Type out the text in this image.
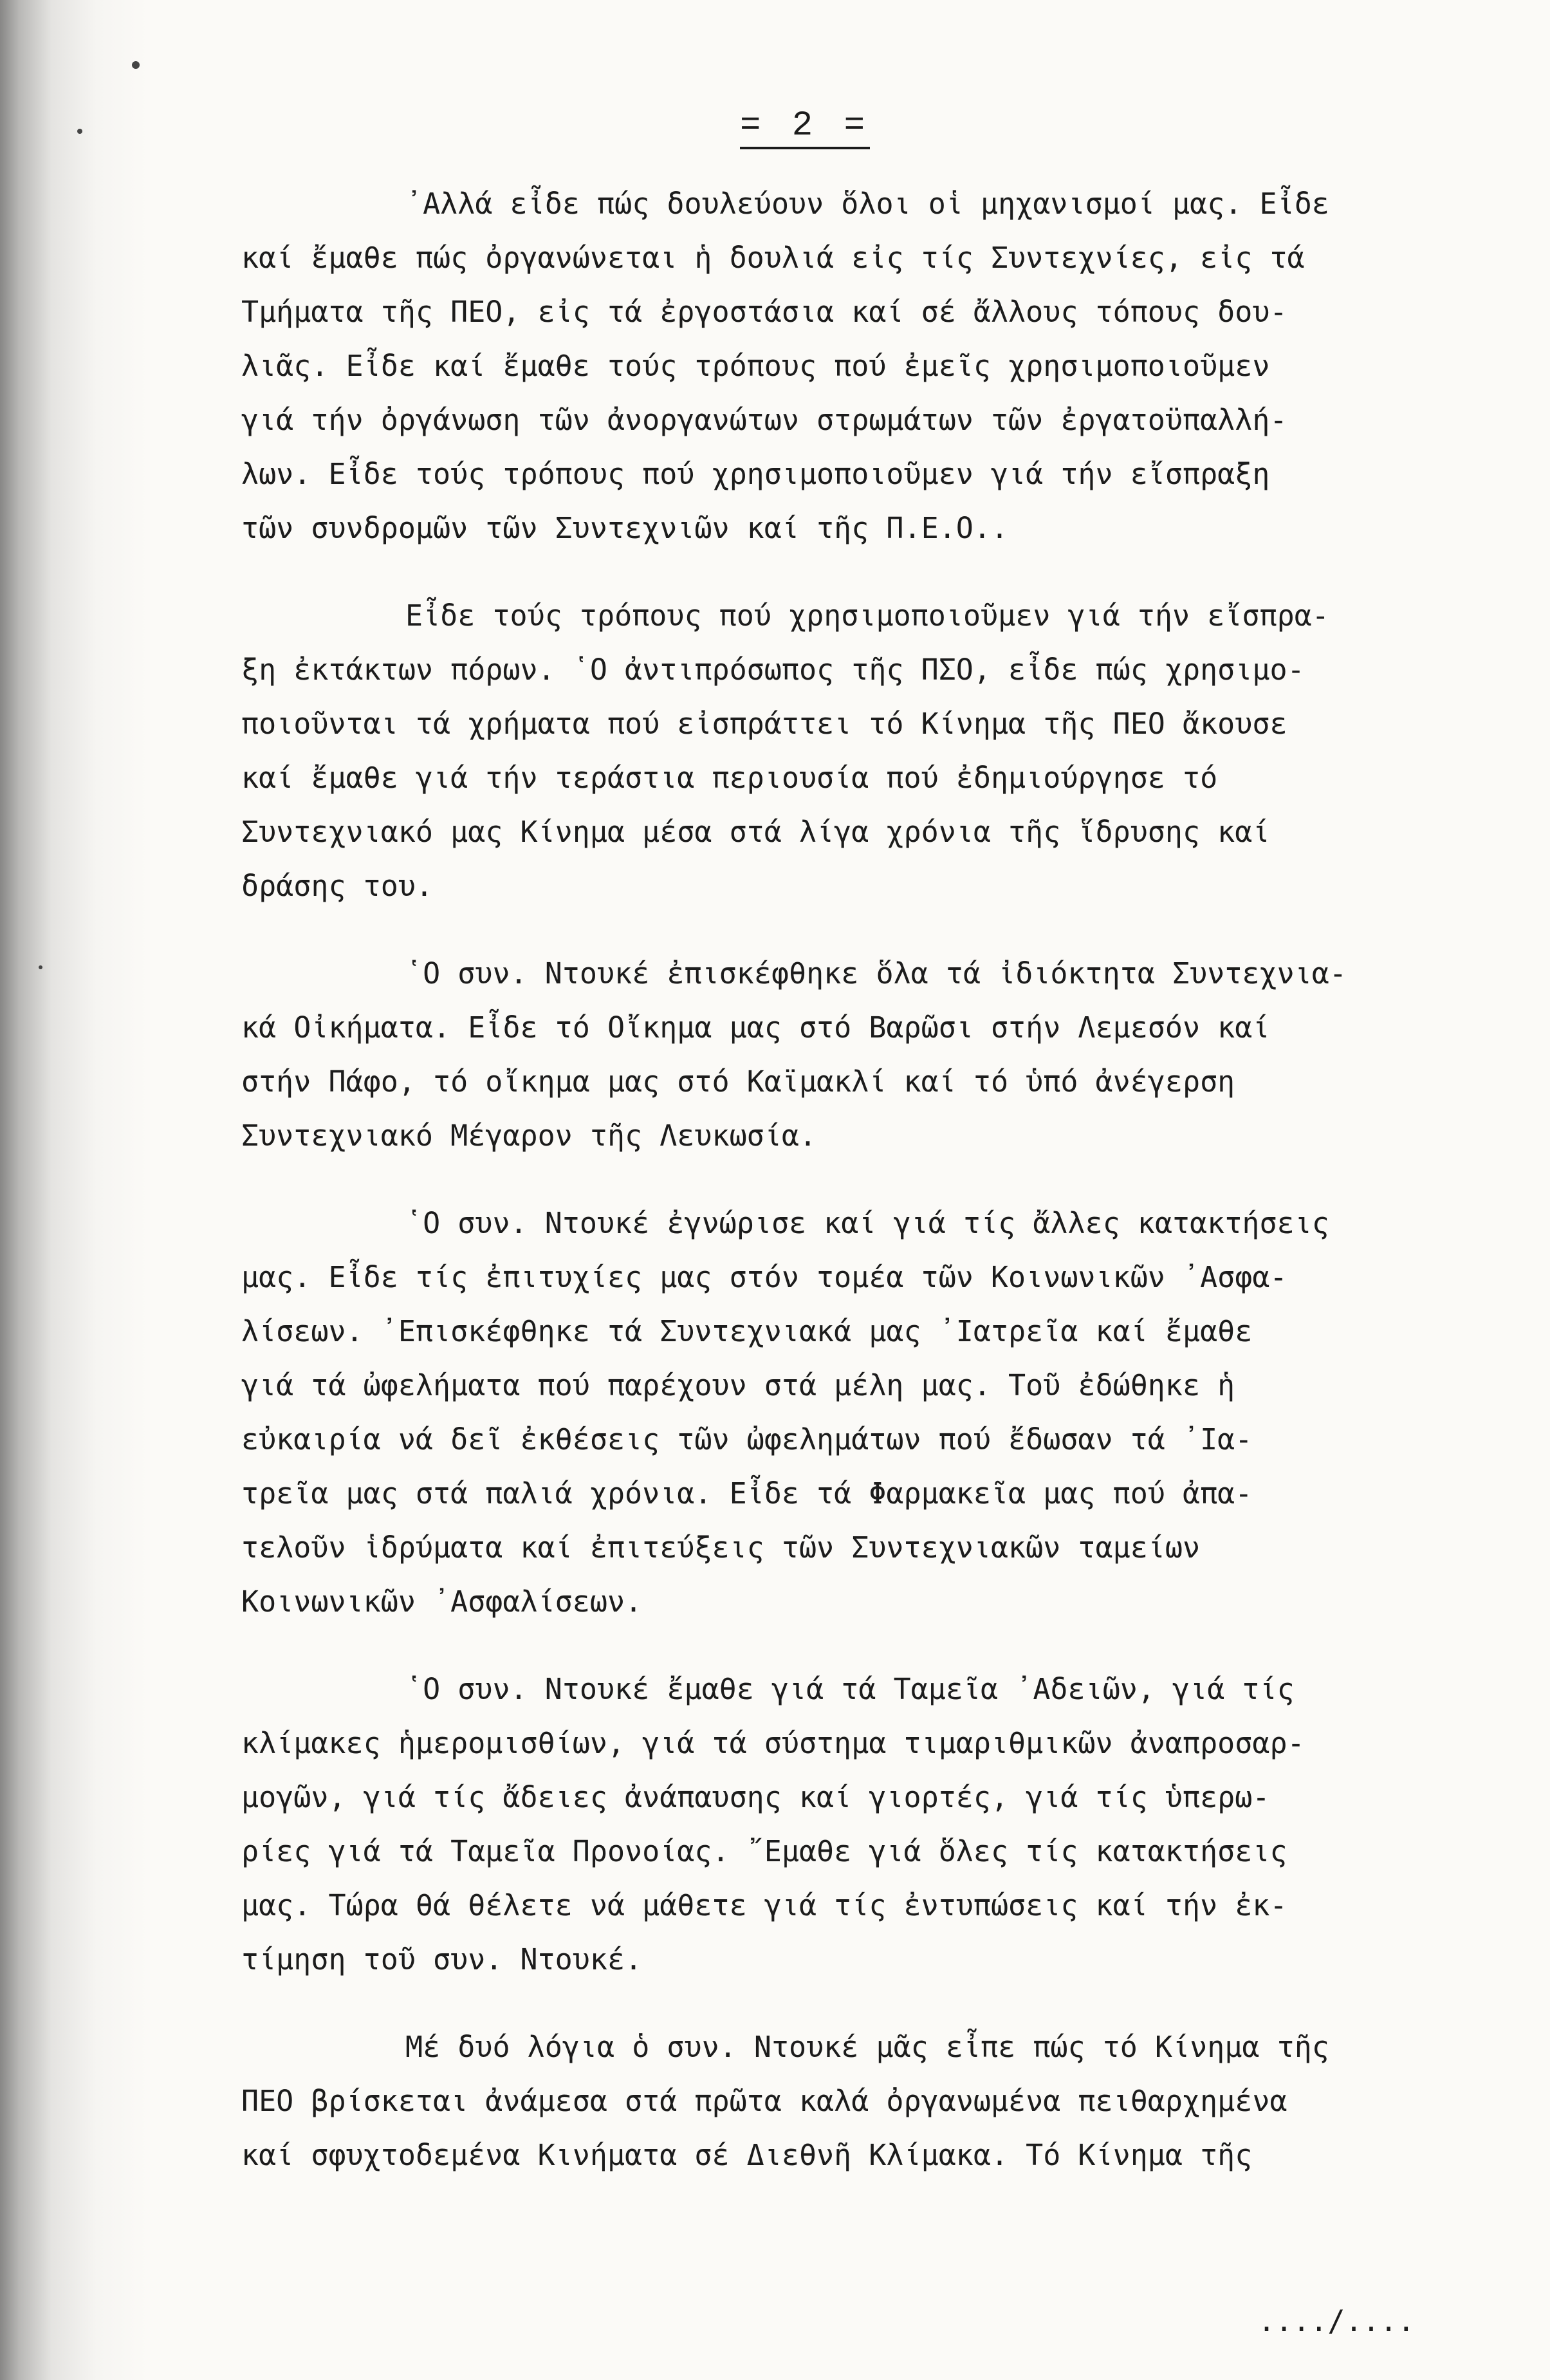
= 2 =
᾽Αλλά εἶδε πώς δουλεύουν ὅλοι οἱ μηχανισμοί μας. Εἶδε
καί ἔμαθε πώς ὀργανώνεται ἡ δουλιά εἰς τίς Συντεχνίες, εἰς τά
Τμήματα τῆς ΠΕΟ, εἰς τά ἐργοστάσια καί σέ ἄλλους τόπους δου-
λιᾶς. Εἶδε καί ἔμαθε τούς τρόπους πού ἐμεῖς χρησιμοποιοῦμεν
γιά τήν ὀργάνωση τῶν ἀνοργανώτων στρωμάτων τῶν ἐργατοϋπαλλή-
λων. Εἶδε τούς τρόπους πού χρησιμοποιοῦμεν γιά τήν εἴσπραξη
τῶν συνδρομῶν τῶν Συντεχνιῶν καί τῆς Π.Ε.Ο..
Εἶδε τούς τρόπους πού χρησιμοποιοῦμεν γιά τήν εἴσπρα-
ξη ἐκτάκτων πόρων. ῾Ο ἀντιπρόσωπος τῆς ΠΣΟ, εἶδε πώς χρησιμο-
ποιοῦνται τά χρήματα πού εἰσπράττει τό Κίνημα τῆς ΠΕΟ ἄκουσε
καί ἔμαθε γιά τήν τεράστια περιουσία πού ἐδημιούργησε τό
Συντεχνιακό μας Κίνημα μέσα στά λίγα χρόνια τῆς ἵδρυσης καί
δράσης του.
῾Ο συν. Ντουκέ ἐπισκέφθηκε ὅλα τά ἰδιόκτητα Συντεχνια-
κά Οἰκήματα. Εἶδε τό Οἴκημα μας στό Βαρῶσι στήν Λεμεσόν καί
στήν Πάφο, τό οἴκημα μας στό Καϊμακλί καί τό ὑπό ἀνέγερση
Συντεχνιακό Μέγαρον τῆς Λευκωσία.
῾Ο συν. Ντουκέ ἐγνώρισε καί γιά τίς ἄλλες κατακτήσεις
μας. Εἶδε τίς ἐπιτυχίες μας στόν τομέα τῶν Κοινωνικῶν ᾽Ασφα-
λίσεων. ᾽Επισκέφθηκε τά Συντεχνιακά μας ᾽Ιατρεῖα καί ἔμαθε
γιά τά ὠφελήματα πού παρέχουν στά μέλη μας. Τοῦ ἐδώθηκε ἡ
εὐκαιρία νά δεῖ ἐκθέσεις τῶν ὠφελημάτων πού ἔδωσαν τά ᾽Ια-
τρεῖα μας στά παλιά χρόνια. Εἶδε τά Φαρμακεῖα μας πού ἀπα-
τελοῦν ἱδρύματα καί ἐπιτεύξεις τῶν Συντεχνιακῶν ταμείων
Κοινωνικῶν ᾽Ασφαλίσεων.
῾Ο συν. Ντουκέ ἔμαθε γιά τά Ταμεῖα ᾽Αδειῶν, γιά τίς
κλίμακες ἡμερομισθίων, γιά τά σύστημα τιμαριθμικῶν ἀναπροσαρ-
μογῶν, γιά τίς ἄδειες ἀνάπαυσης καί γιορτές, γιά τίς ὑπερω-
ρίες γιά τά Ταμεῖα Προνοίας. ῎Εμαθε γιά ὅλες τίς κατακτήσεις
μας. Τώρα θά θέλετε νά μάθετε γιά τίς ἐντυπώσεις καί τήν ἐκ-
τίμηση τοῦ συν. Ντουκέ.
Μέ δυό λόγια ὁ συν. Ντουκέ μᾶς εἶπε πώς τό Κίνημα τῆς
ΠΕΟ βρίσκεται ἀνάμεσα στά πρῶτα καλά ὀργανωμένα πειθαρχημένα
καί σφυχτοδεμένα Κινήματα σέ Διεθνῆ Κλίμακα. Τό Κίνημα τῆς
..../....
